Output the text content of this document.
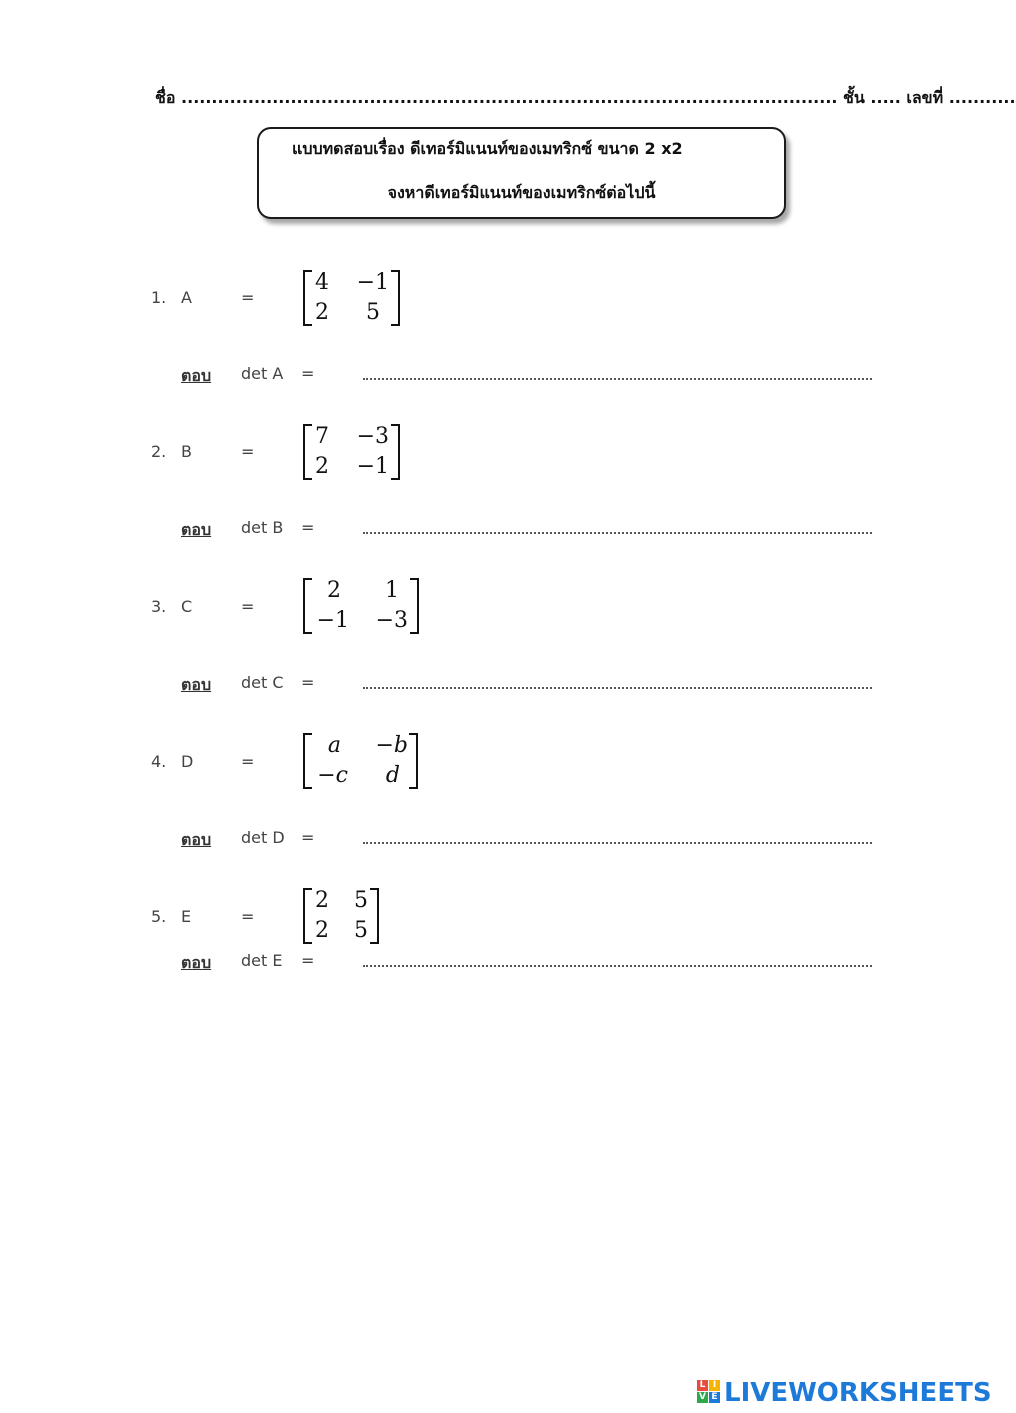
ชื่อ ............................................................................................................ ชั้น ..... เลขที่ ...........
แบบทดสอบเรื่อง ดีเทอร์มิแนนท์ของเมทริกซ์ ขนาด 2 x2
จงหาดีเทอร์มิแนนท์ของเมทริกซ์ต่อไปนี้
1. A	=
4	−1
2	5
ตอบ det A =
2. B	=
7	−3
2	−1
ตอบ det B =
3. C	=
2	1
−1	−3
ตอบ det C =
4. D	=
a	−b
−c	d
ตอบ det D =
5. E	=
2	5
2	5
ตอบ det E =
L I
V E LIVEWORKSHEETS
